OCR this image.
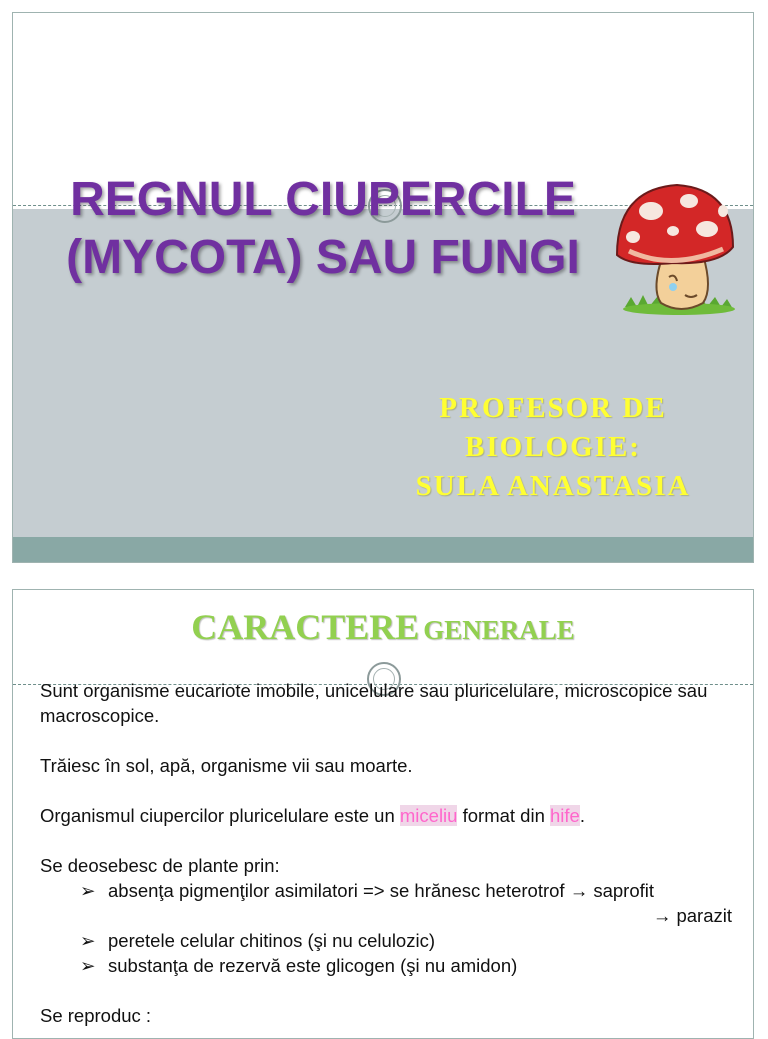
REGNUL CIUPERCILE
(MYCOTA) SAU FUNGI
PROFESOR DE
BIOLOGIE:
SULA ANASTASIA
CARACTERE GENERALE

Sunt organisme eucariote imobile, unicelulare sau pluricelulare, microscopice sau macroscopice.

Trăiesc în sol, apă, organisme vii sau moarte.

Organismul ciupercilor pluricelulare este un miceliu format din hife.

Se deosebesc de plante prin:

➢ absenţa pigmenţilor asimilatori => se hrănesc heterotrof → saprofit
→ parazit
➢ peretele celular chitinos (şi nu celulozic)
➢ substanţa de rezervă este glicogen (şi nu amidon)

Se reproduc :
